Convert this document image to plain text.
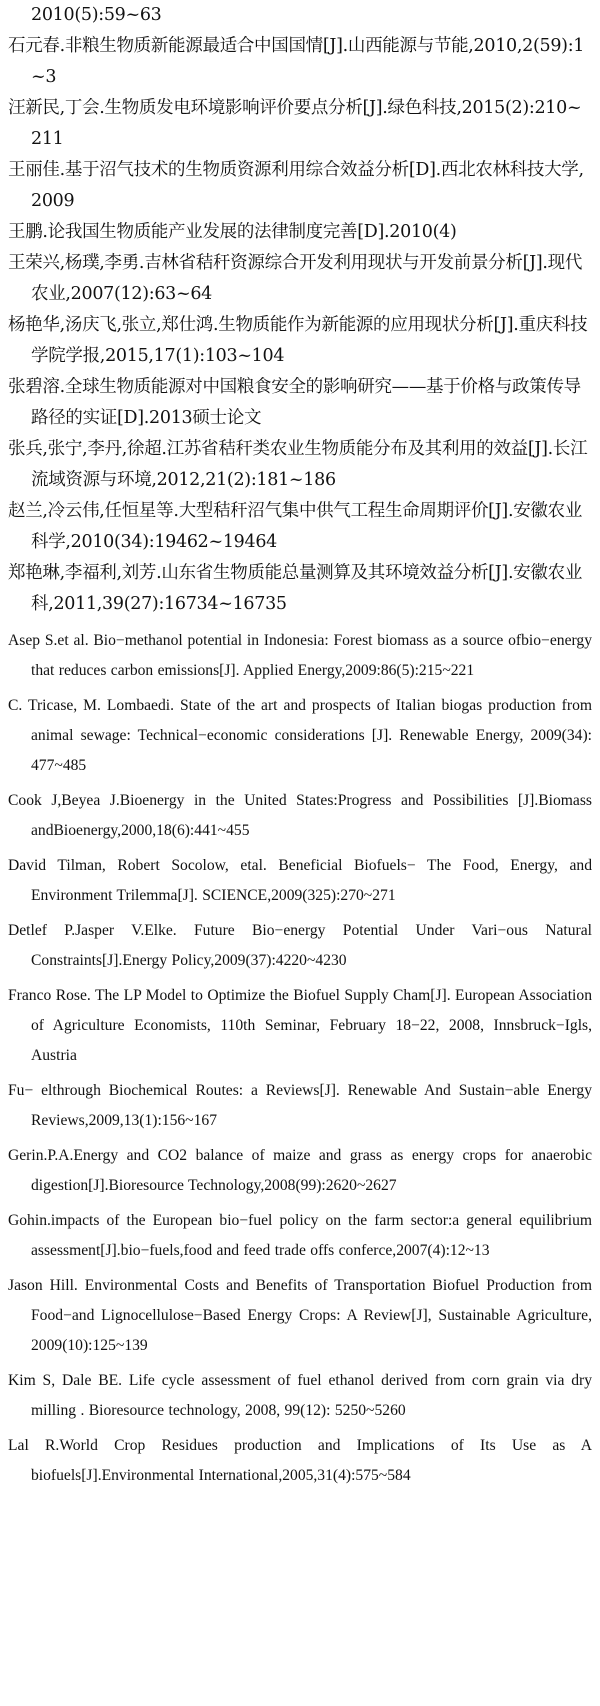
2010(5):59~63
石元春.非粮生物质新能源最适合中国国情[J].山西能源与节能,2010,2(59):1~3
汪新民,丁会.生物质发电环境影响评价要点分析[J].绿色科技,2015(2):210~211
王丽佳.基于沼气技术的生物质资源利用综合效益分析[D].西北农林科技大学,2009
王鹏.论我国生物质能产业发展的法律制度完善[D].2010(4)
王荣兴,杨璞,李勇.吉林省秸秆资源综合开发利用现状与开发前景分析[J].现代农业,2007(12):63~64
杨艳华,汤庆飞,张立,郑仕鸿.生物质能作为新能源的应用现状分析[J].重庆科技学院学报,2015,17(1):103~104
张碧溶.全球生物质能源对中国粮食安全的影响研究——基于价格与政策传导路径的实证[D].2013硕士论文
张兵,张宁,李丹,徐超.江苏省秸秆类农业生物质能分布及其利用的效益[J].长江流域资源与环境,2012,21(2):181~186
赵兰,冷云伟,任恒星等.大型秸秆沼气集中供气工程生命周期评价[J].安徽农业科学,2010(34):19462~19464
郑艳琳,李福利,刘芳.山东省生物质能总量测算及其环境效益分析[J].安徽农业科,2011,39(27):16734~16735
Asep S.et al. Bio−methanol potential in Indonesia: Forest biomass as a source ofbio−energy that reduces carbon emissions[J]. Applied Energy,2009:86(5):215~221
C. Tricase, M. Lombaedi. State of the art and prospects of Italian biogas production from animal sewage: Technical−economic considerations [J]. Renewable Energy, 2009(34): 477~485
Cook J,Beyea J.Bioenergy in the United States:Progress and Possibilities [J].Biomass andBioenergy,2000,18(6):441~455
David Tilman, Robert Socolow, etal. Beneficial Biofuels− The Food, Energy, and Environment Trilemma[J]. SCIENCE,2009(325):270~271
Detlef P.Jasper V.Elke. Future Bio−energy Potential Under Vari−ous Natural Constraints[J].Energy Policy,2009(37):4220~4230
Franco Rose. The LP Model to Optimize the Biofuel Supply Cham[J]. European Association of Agriculture Economists, 110th Seminar, February 18−22, 2008, Innsbruck−Igls, Austria
Fu− elthrough Biochemical Routes: a Reviews[J]. Renewable And Sustain−able Energy Reviews,2009,13(1):156~167
Gerin.P.A.Energy and CO2 balance of maize and grass as energy crops for anaerobic digestion[J].Bioresource Technology,2008(99):2620~2627
Gohin.impacts of the European bio−fuel policy on the farm sector:a general equilibrium assessment[J].bio−fuels,food and feed trade offs conferce,2007(4):12~13
Jason Hill. Environmental Costs and Benefits of Transportation Biofuel Production from Food−and Lignocellulose−Based Energy Crops: A Review[J], Sustainable Agriculture, 2009(10):125~139
Kim S, Dale BE. Life cycle assessment of fuel ethanol derived from corn grain via dry milling . Bioresource technology, 2008, 99(12): 5250~5260
Lal R.World Crop Residues production and Implications of Its Use as A biofuels[J].Environmental International,2005,31(4):575~584
